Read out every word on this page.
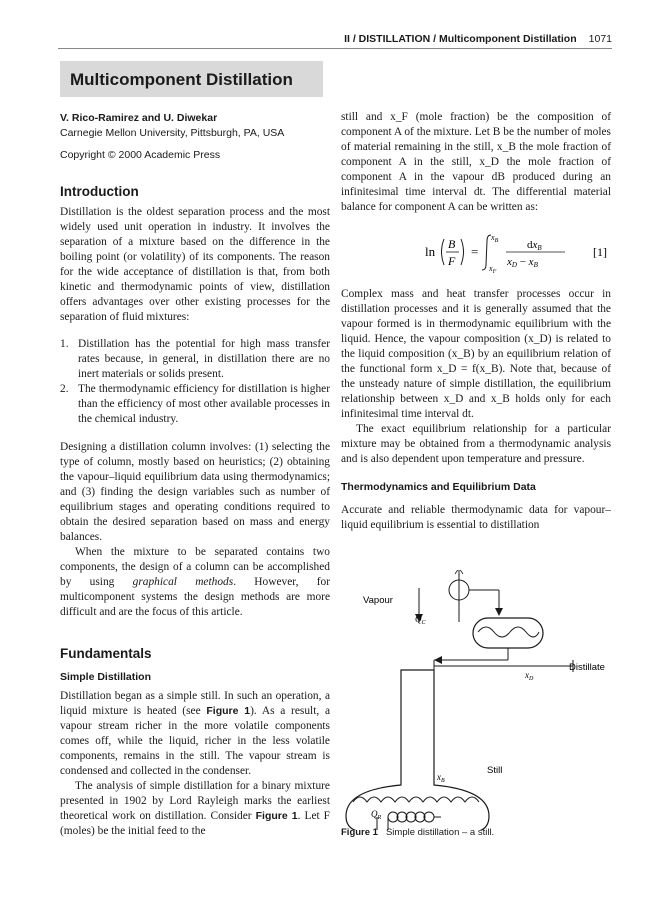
II / DISTILLATION / Multicomponent Distillation 1071
Multicomponent Distillation
V. Rico-Ramirez and U. Diwekar
Carnegie Mellon University, Pittsburgh, PA, USA
Copyright © 2000 Academic Press
Introduction

Distillation is the oldest separation process and the most widely used unit operation in industry. It involves the separation of a mixture based on the difference in the boiling point (or volatility) of its components. The reason for the wide acceptance of distillation is that, from both kinetic and thermodynamic points of view, distillation offers advantages over other existing processes for the separation of fluid mixtures:

1. Distillation has the potential for high mass transfer rates because, in general, in distillation there are no inert materials or solids present.
2. The thermodynamic efficiency for distillation is higher than the efficiency of most other available processes in the chemical industry.

Designing a distillation column involves: (1) selecting the type of column, mostly based on heuristics; (2) obtaining the vapour–liquid equilibrium data using thermodynamics; and (3) finding the design variables such as number of equilibrium stages and operating conditions required to obtain the desired separation based on mass and energy balances.

When the mixture to be separated contains two components, the design of a column can be accomplished by using graphical methods. However, for multicomponent systems the design methods are more difficult and are the focus of this article.

Fundamentals
Simple Distillation

Distillation began as a simple still. In such an operation, a liquid mixture is heated (see Figure 1). As a result, a vapour stream richer in the more volatile components comes off, while the liquid, richer in the less volatile components, remains in the still. The vapour stream is condensed and collected in the condenser.

The analysis of simple distillation for a binary mixture presented in 1902 by Lord Rayleigh marks the earliest theoretical work on distillation. Consider Figure 1. Let F (moles) be the initial feed to the

still and x_F (mole fraction) be the composition of component A of the mixture. Let B be the number of moles of material remaining in the still, x_B the mole fraction of component A in the still, x_D the mole fraction of component A in the vapour dB produced during an infinitesimal time interval dt. The differential material balance for component A can be written as:

ln B
F
=
$x_B$
$x_F$
dxB
xD − xB
[1]

Complex mass and heat transfer processes occur in distillation processes and it is generally assumed that the vapour formed is in thermodynamic equilibrium with the liquid. Hence, the vapour composition (x_D) is related to the liquid composition (x_B) by an equilibrium relation of the functional form x_D = f(x_B). Note that, because of the unsteady nature of simple distillation, the equilibrium relationship between x_D and x_B holds only for each infinitesimal time interval dt.

The exact equilibrium relationship for a particular mixture may be obtained from a thermodynamic analysis and is also dependent upon temperature and pressure.

Thermodynamics and Equilibrium Data

Accurate and reliable thermodynamic data for vapour–liquid equilibrium is essential to distillation

Vapour
$Q_C$
$x_D$
Distillate
Still
$x_B$
$Q_R$
Figure 1 Simple distillation – a still.
